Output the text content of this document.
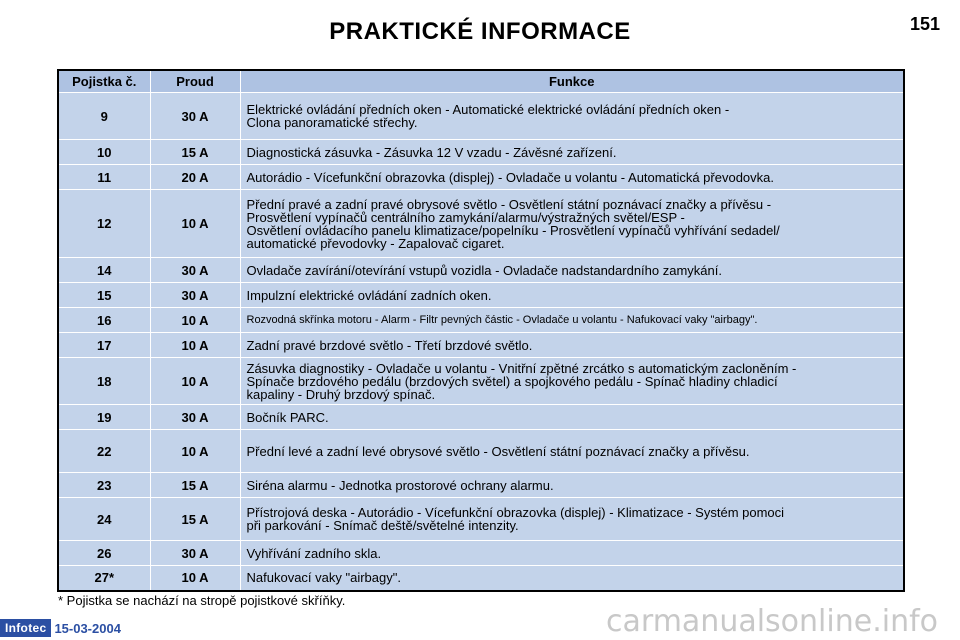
PRAKTICKÉ INFORMACE	151
Pojistka č.	Proud	Funkce
9	30 A	Elektrické ovládání předních oken - Automatické elektrické ovládání předních oken -
Clona panoramatické střechy.
10	15 A	Diagnostická zásuvka - Zásuvka 12 V vzadu - Závěsné zařízení.
11	20 A	Autorádio - Vícefunkční obrazovka (displej) - Ovladače u volantu - Automatická převodovka.
12	10 A	Přední pravé a zadní pravé obrysové světlo - Osvětlení státní poznávací značky a přívěsu -
Prosvětlení vypínačů centrálního zamykání/alarmu/výstražných světel/ESP -
Osvětlení ovládacího panelu klimatizace/popelníku - Prosvětlení vypínačů vyhřívání sedadel/
automatické převodovky - Zapalovač cigaret.
14	30 A	Ovladače zavírání/otevírání vstupů vozidla - Ovladače nadstandardního zamykání.
15	30 A	Impulzní elektrické ovládání zadních oken.
16	10 A	Rozvodná skřínka motoru - Alarm - Filtr pevných částic - Ovladače u volantu - Nafukovací vaky "airbagy".
17	10 A	Zadní pravé brzdové světlo - Třetí brzdové světlo.
18	10 A	Zásuvka diagnostiky - Ovladače u volantu - Vnitřní zpětné zrcátko s automatickým zacloněním -
Spínače brzdového pedálu (brzdových světel) a spojkového pedálu - Spínač hladiny chladicí
kapaliny - Druhý brzdový spínač.
19	30 A	Bočník PARC.
22	10 A	Přední levé a zadní levé obrysové světlo - Osvětlení státní poznávací značky a přívěsu.
23	15 A	Siréna alarmu - Jednotka prostorové ochrany alarmu.
24	15 A	Přístrojová deska - Autorádio - Vícefunkční obrazovka (displej) - Klimatizace - Systém pomoci
při parkování - Snímač deště/světelné intenzity.
26	30 A	Vyhřívání zadního skla.
27*	10 A	Nafukovací vaky "airbagy".
* Pojistka se nachází na stropě pojistkové skříňky.
Infotec 15-03-2004	carmanualsonline.info
